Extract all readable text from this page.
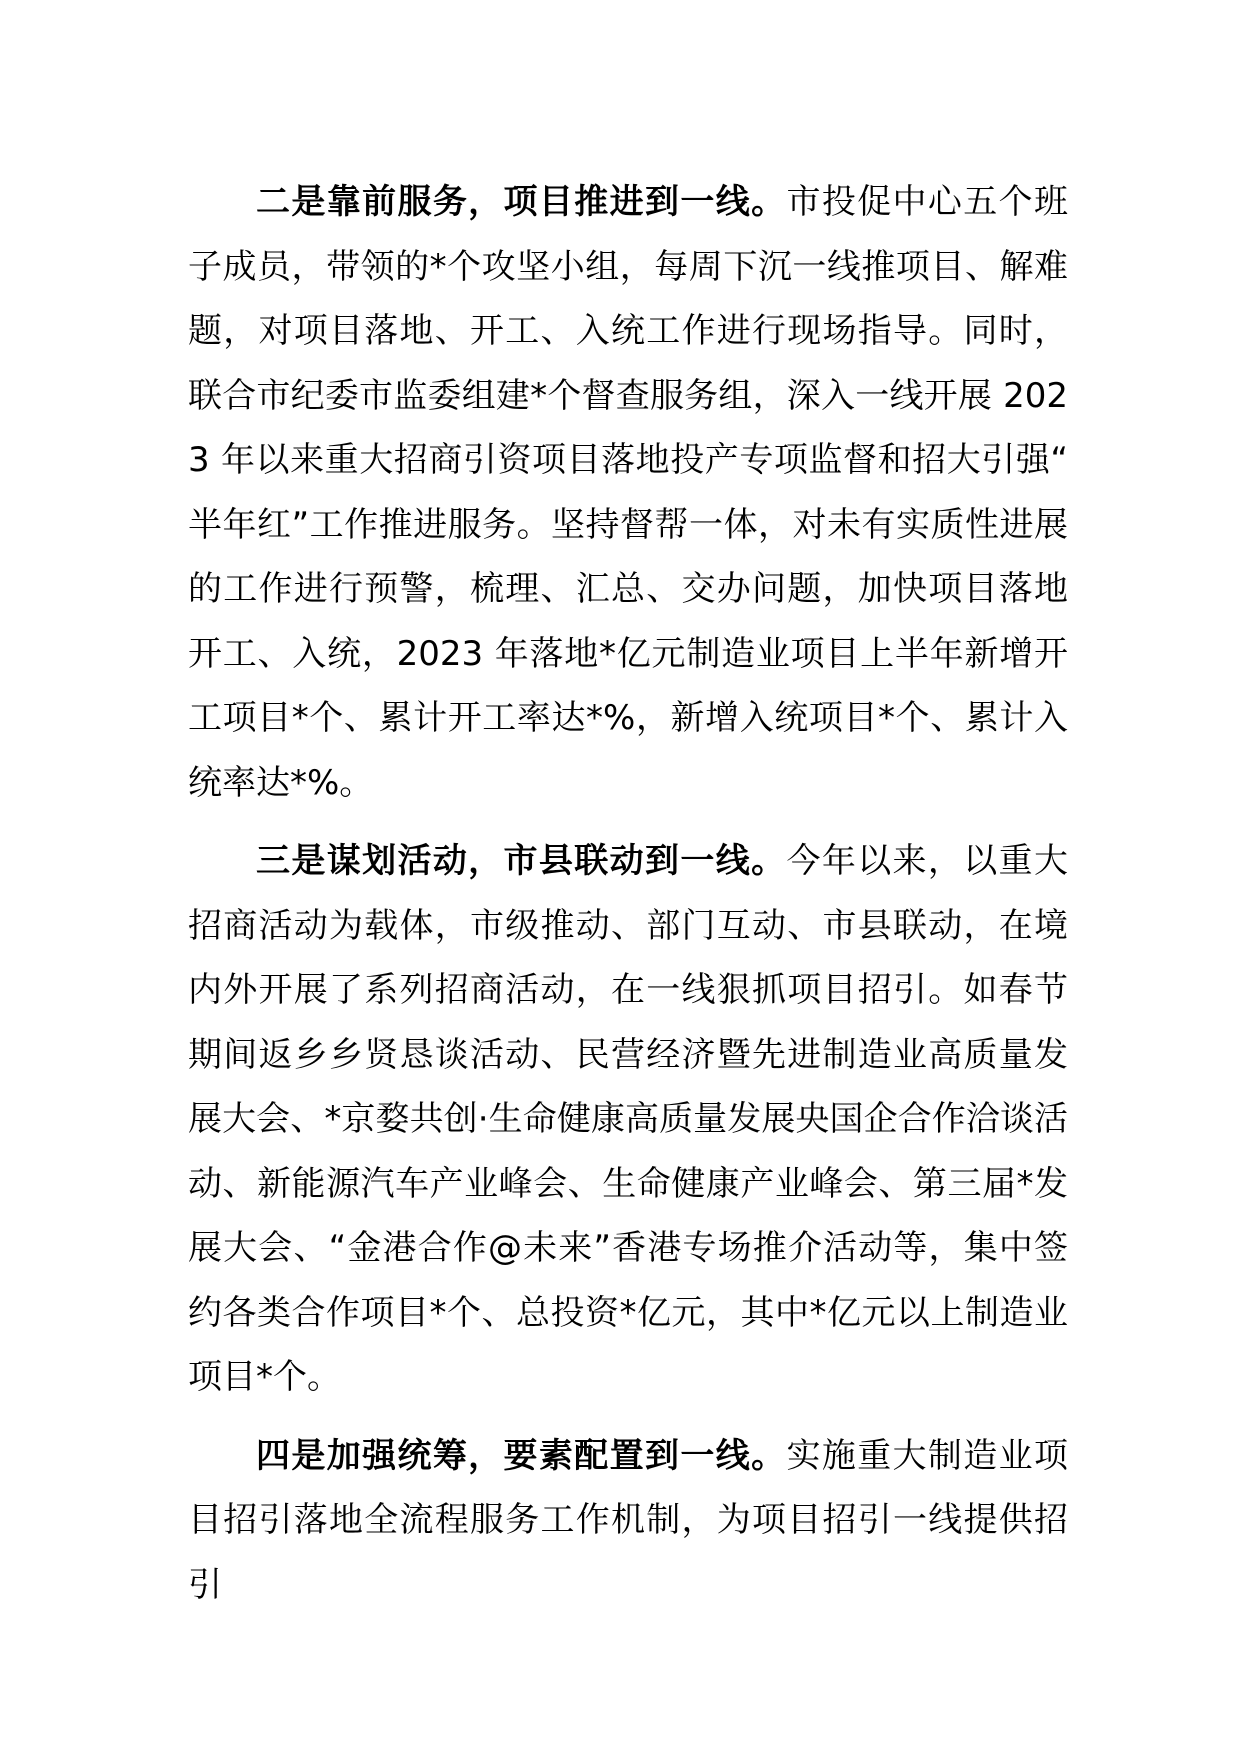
二是靠前服务，项目推进到一线。市投促中心五个班子成员，带领的*个攻坚小组，每周下沉一线推项目、解难题，对项目落地、开工、入统工作进行现场指导。同时，联合市纪委市监委组建*个督查服务组，深入一线开展 2023 年以来重大招商引资项目落地投产专项监督和招大引强“半年红”工作推进服务。坚持督帮一体，对未有实质性进展的工作进行预警，梳理、汇总、交办问题，加快项目落地开工、入统，2023 年落地*亿元制造业项目上半年新增开工项目*个、累计开工率达*%，新增入统项目*个、累计入统率达*%。

三是谋划活动，市县联动到一线。今年以来，以重大招商活动为载体，市级推动、部门互动、市县联动，在境内外开展了系列招商活动，在一线狠抓项目招引。如春节期间返乡乡贤恳谈活动、民营经济暨先进制造业高质量发展大会、*京婺共创·生命健康高质量发展央国企合作洽谈活动、新能源汽车产业峰会、生命健康产业峰会、第三届*发展大会、“金港合作@未来”香港专场推介活动等，集中签约各类合作项目*个、总投资*亿元，其中*亿元以上制造业项目*个。

四是加强统筹，要素配置到一线。实施重大制造业项目招引落地全流程服务工作机制，为项目招引一线提供招引
